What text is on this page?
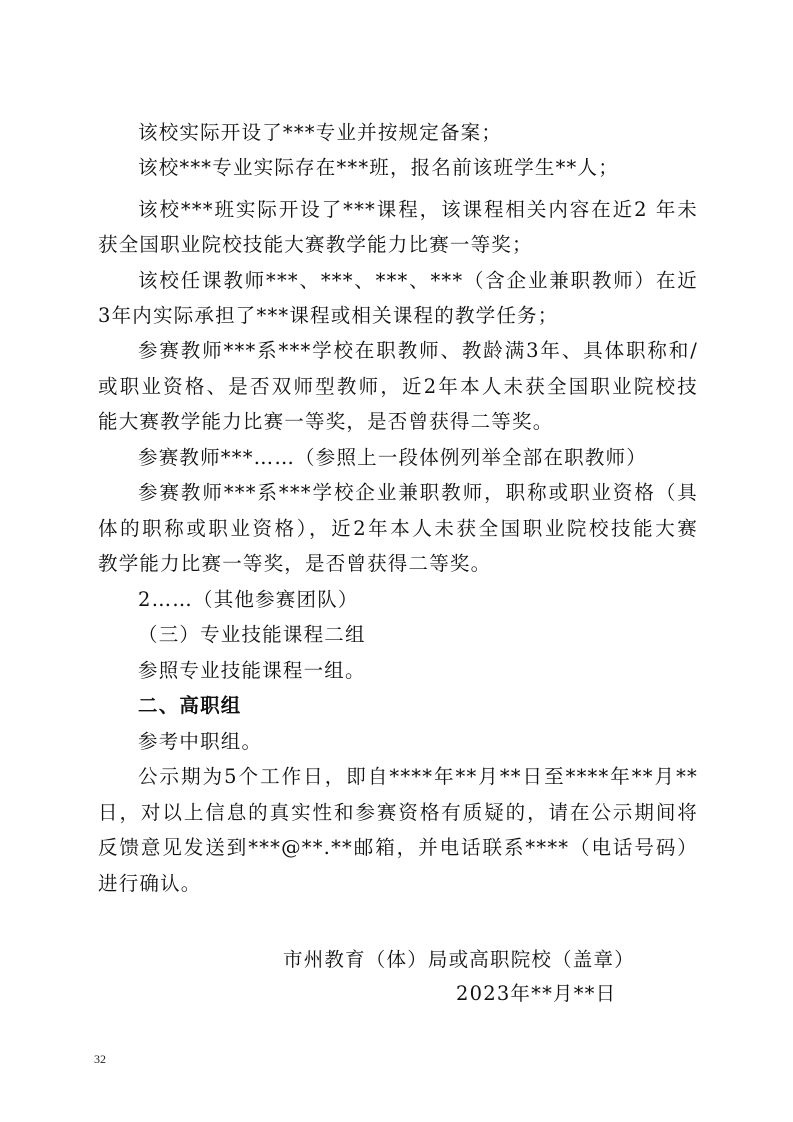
该校实际开设了***专业并按规定备案；
该校***专业实际存在***班，报名前该班学生**人；
该校***班实际开设了***课程，该课程相关内容在近2 年未
获全国职业院校技能大赛教学能力比赛一等奖；
该校任课教师***、***、***、***（含企业兼职教师）在近
3年内实际承担了***课程或相关课程的教学任务；
参赛教师***系***学校在职教师、教龄满3年、具体职称和/
或职业资格、是否双师型教师，近2年本人未获全国职业院校技
能大赛教学能力比赛一等奖，是否曾获得二等奖。
参赛教师***……（参照上一段体例列举全部在职教师）
参赛教师***系***学校企业兼职教师，职称或职业资格（具
体的职称或职业资格），近2年本人未获全国职业院校技能大赛
教学能力比赛一等奖，是否曾获得二等奖。
2……（其他参赛团队）
（三）专业技能课程二组
参照专业技能课程一组。
二、高职组
参考中职组。
公示期为5个工作日，即自****年**月**日至****年**月**
日，对以上信息的真实性和参赛资格有质疑的，请在公示期间将
反馈意见发送到***@**.**邮箱，并电话联系****（电话号码）
进行确认。
市州教育（体）局或高职院校（盖章）
2023年**月**日
32
